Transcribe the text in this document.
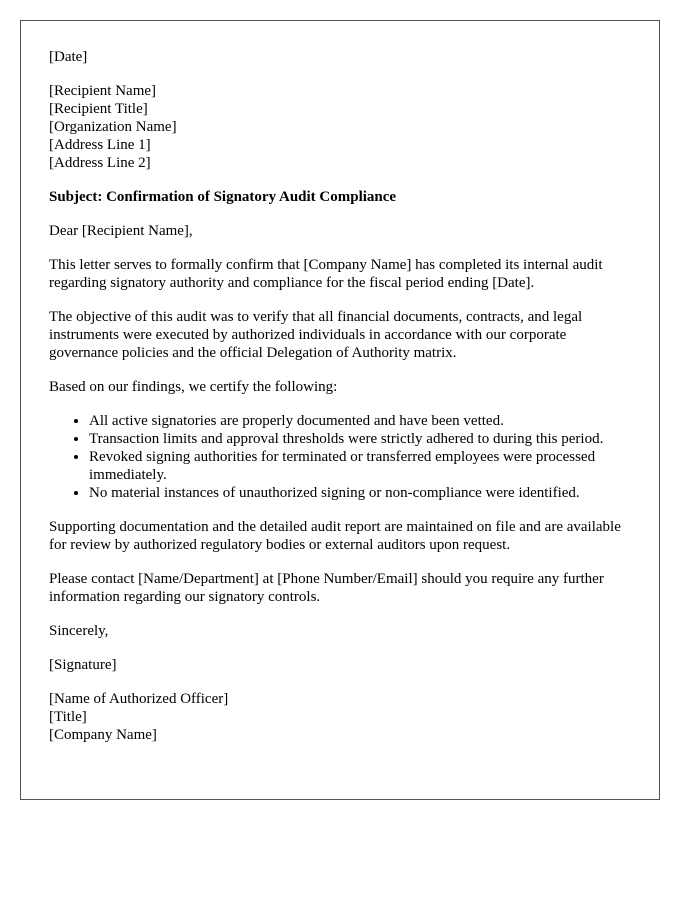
[Date]

[Recipient Name]
[Recipient Title]
[Organization Name]
[Address Line 1]
[Address Line 2]

Subject: Confirmation of Signatory Audit Compliance

Dear [Recipient Name],

This letter serves to formally confirm that [Company Name] has completed its internal audit regarding signatory authority and compliance for the fiscal period ending [Date].

The objective of this audit was to verify that all financial documents, contracts, and legal instruments were executed by authorized individuals in accordance with our corporate governance policies and the official Delegation of Authority matrix.

Based on our findings, we certify the following:

• All active signatories are properly documented and have been vetted.
• Transaction limits and approval thresholds were strictly adhered to during this period.
• Revoked signing authorities for terminated or transferred employees were processed immediately.
• No material instances of unauthorized signing or non-compliance were identified.

Supporting documentation and the detailed audit report are maintained on file and are available for review by authorized regulatory bodies or external auditors upon request.

Please contact [Name/Department] at [Phone Number/Email] should you require any further information regarding our signatory controls.

Sincerely,

[Signature]

[Name of Authorized Officer]
[Title]
[Company Name]
